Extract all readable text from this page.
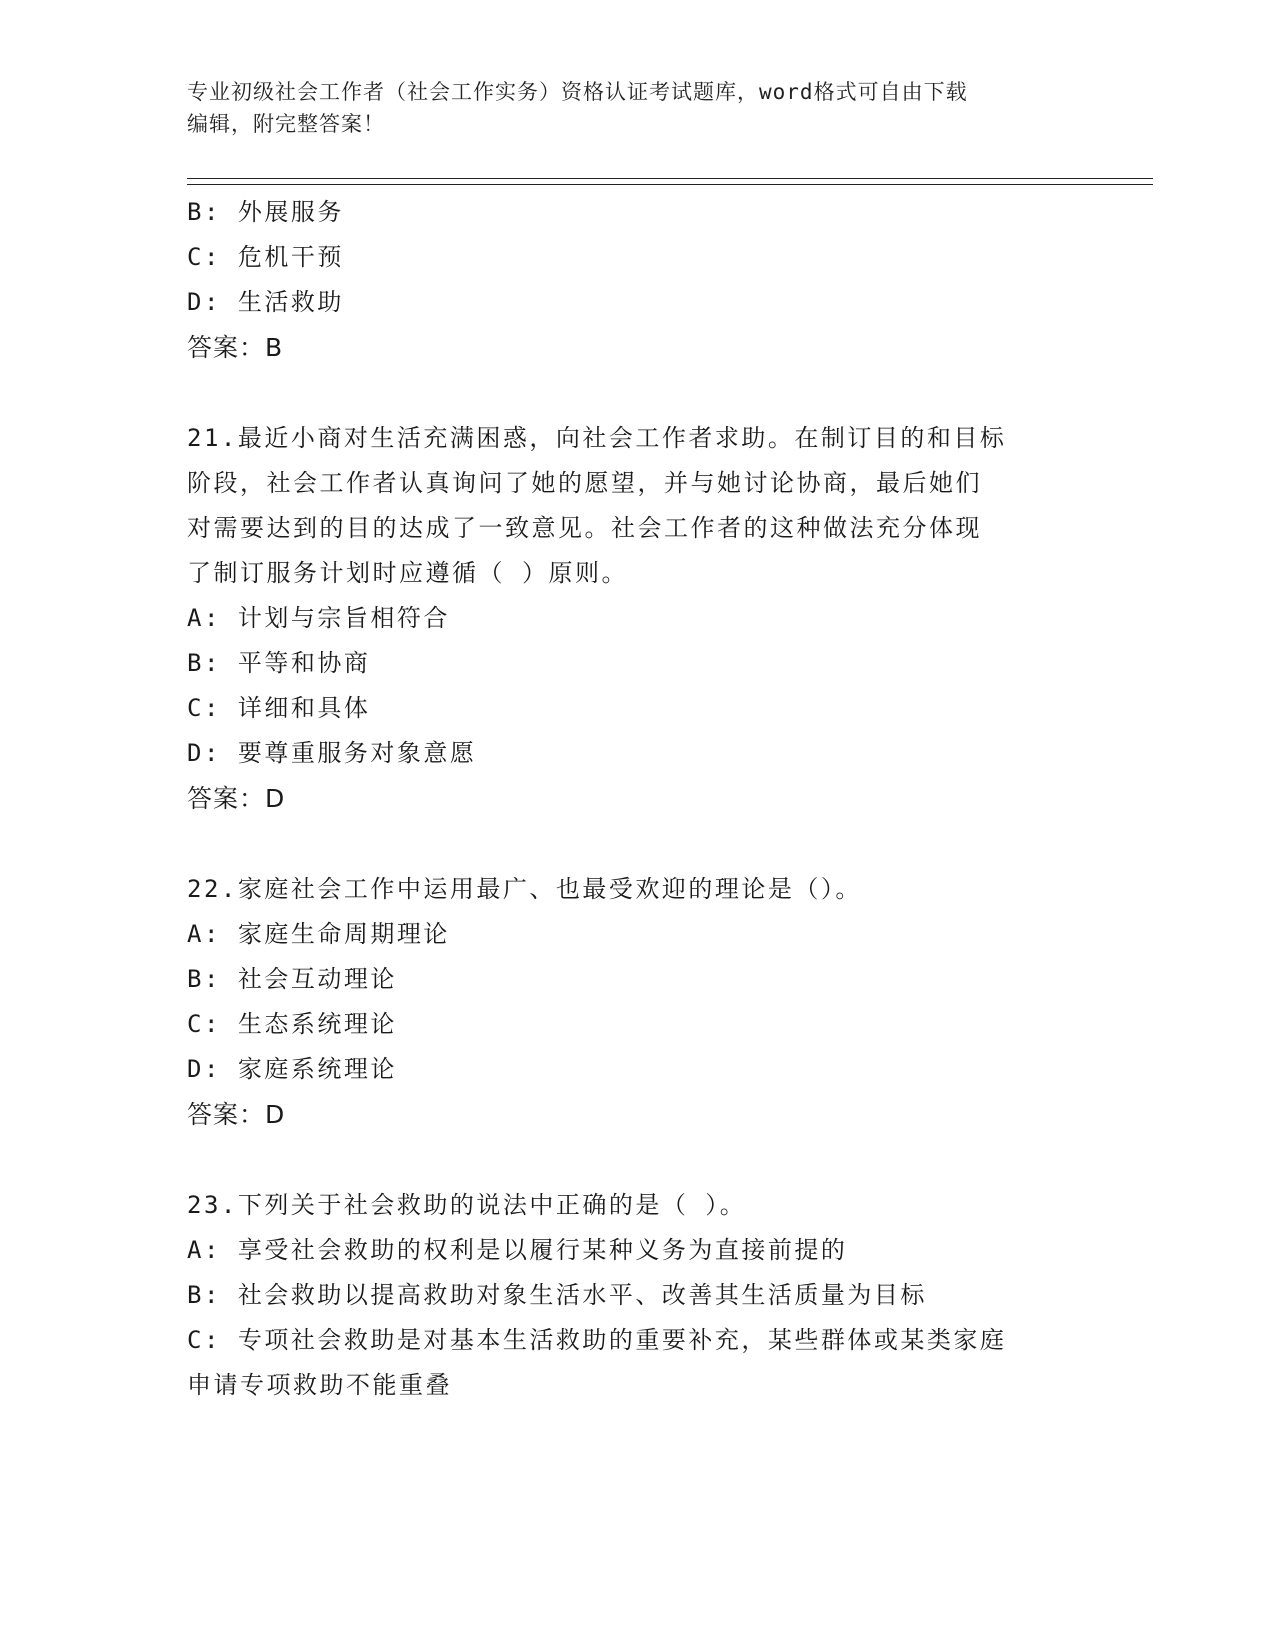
专业初级社会工作者（社会工作实务）资格认证考试题库，word格式可自由下载
编辑，附完整答案！
B: 外展服务
C: 危机干预
D: 生活救助
答案：B
21.最近小商对生活充满困惑，向社会工作者求助。在制订目的和目标
阶段，社会工作者认真询问了她的愿望，并与她讨论协商，最后她们
对需要达到的目的达成了一致意见。社会工作者的这种做法充分体现
了制订服务计划时应遵循（ ）原则。
A: 计划与宗旨相符合
B: 平等和协商
C: 详细和具体
D: 要尊重服务对象意愿
答案：D
22.家庭社会工作中运用最广、也最受欢迎的理论是（）。
A: 家庭生命周期理论
B: 社会互动理论
C: 生态系统理论
D: 家庭系统理论
答案：D
23.下列关于社会救助的说法中正确的是（ ）。
A: 享受社会救助的权利是以履行某种义务为直接前提的
B: 社会救助以提高救助对象生活水平、改善其生活质量为目标
C: 专项社会救助是对基本生活救助的重要补充，某些群体或某类家庭
申请专项救助不能重叠
